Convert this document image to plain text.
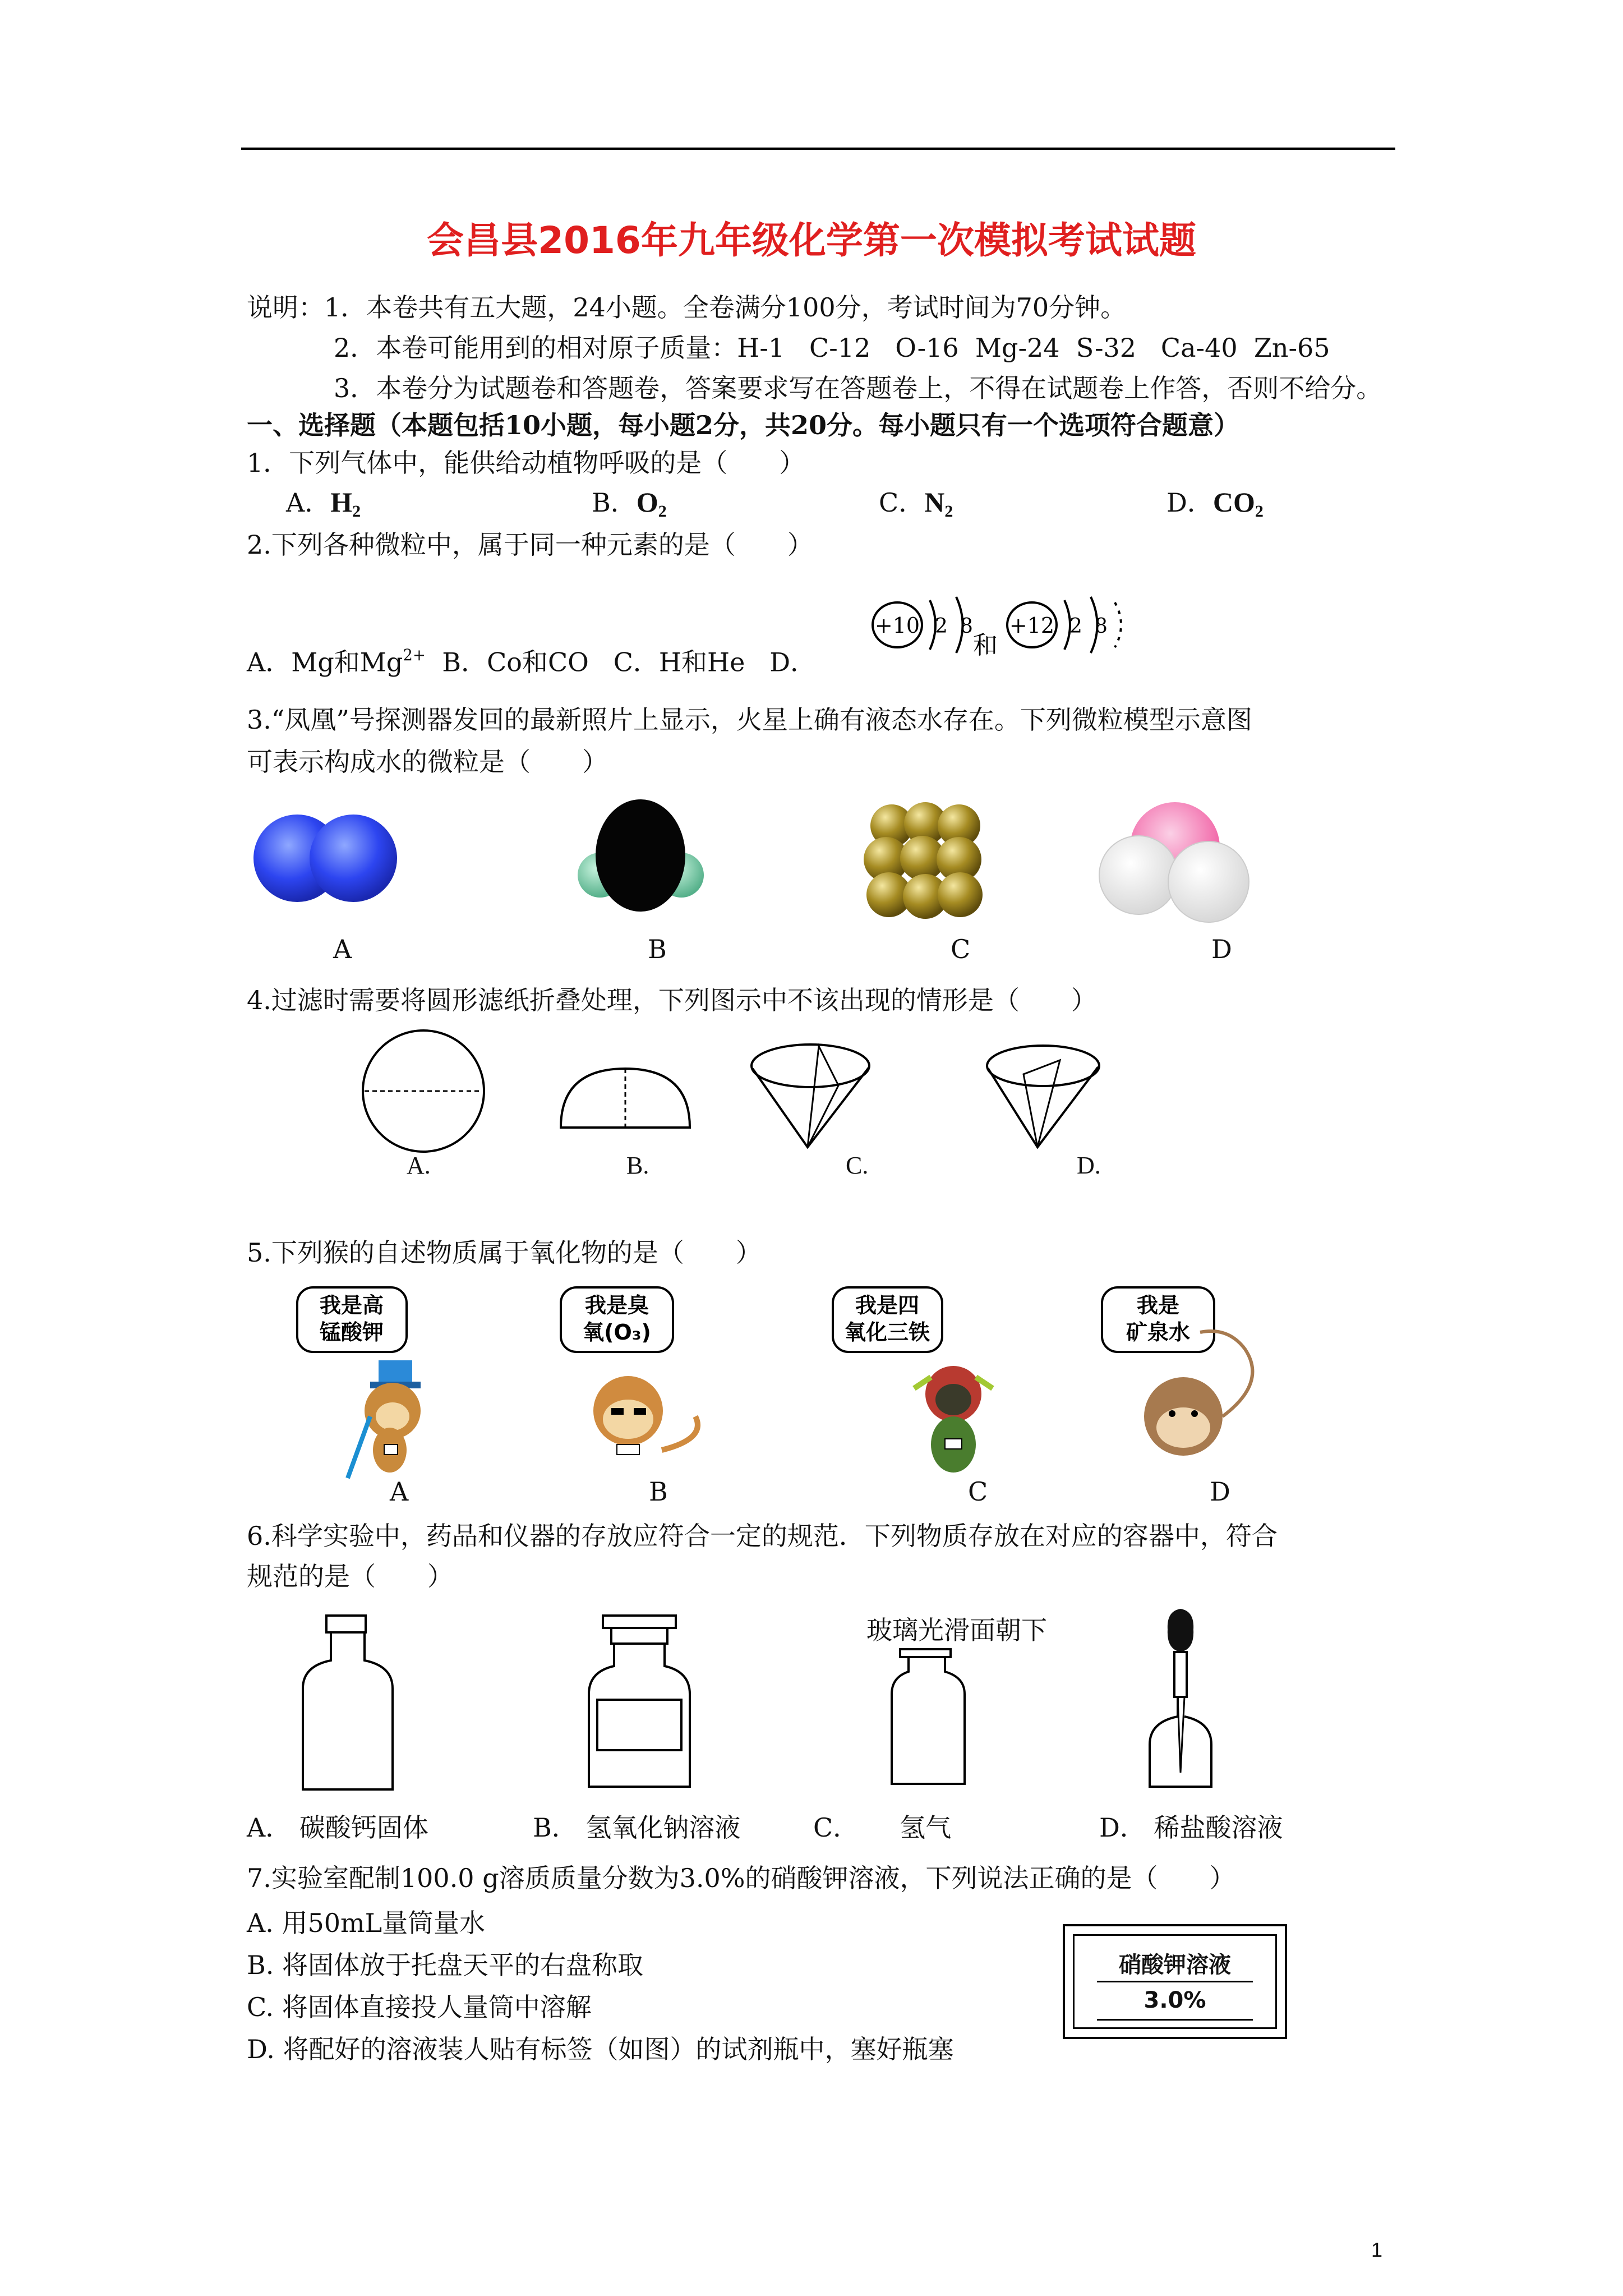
会昌县2016年九年级化学第一次模拟考试试题
说明：1．本卷共有五大题，24小题。全卷满分100分，考试时间为70分钟。
2．本卷可能用到的相对原子质量：H-1   C-12   O-16  Mg-24  S-32   Ca-40  Zn-65
3．本卷分为试题卷和答题卷，答案要求写在答题卷上，不得在试题卷上作答，否则不给分。
一、选择题（本题包括10小题，每小题2分，共20分。每小题只有一个选项符合题意）
1．下列气体中，能供给动植物呼吸的是（　　）
A．$H_2$	B．$O_2$	C．$N_2$	D．$CO_2$
2.下列各种微粒中，属于同一种元素的是（　　）
A．Mg和$Mg^{2+}$  B．Co和CO   C．H和He   D．
+10 2 8
和
+12 2 8
3.“凤凰”号探测器发回的最新照片上显示，火星上确有液态水存在。下列微粒模型示意图
可表示构成水的微粒是（　　）
A	B	C	D
4.过滤时需要将圆形滤纸折叠处理，下列图示中不该出现的情形是（　　）
A.	B.	C.	D.
5.下列猴的自述物质属于氧化物的是（　　）
我是高
锰酸钾
我是臭
氧(O₃)
我是四
氧化三铁
我是
矿泉水
A	B	C	D
6.科学实验中，药品和仪器的存放应符合一定的规范．下列物质存放在对应的容器中，符合
规范的是（　　）
玻璃光滑面朝下
A． 碳酸钙固体	B． 氢氧化钠溶液	C．     氢气	D． 稀盐酸溶液
7.实验室配制100.0 g溶质质量分数为3.0%的硝酸钾溶液，下列说法正确的是（　　）
A. 用50mL量筒量水
B. 将固体放于托盘天平的右盘称取
C. 将固体直接投人量筒中溶解
D. 将配好的溶液装人贴有标签（如图）的试剂瓶中，塞好瓶塞
硝酸钾溶液
3.0%
1
